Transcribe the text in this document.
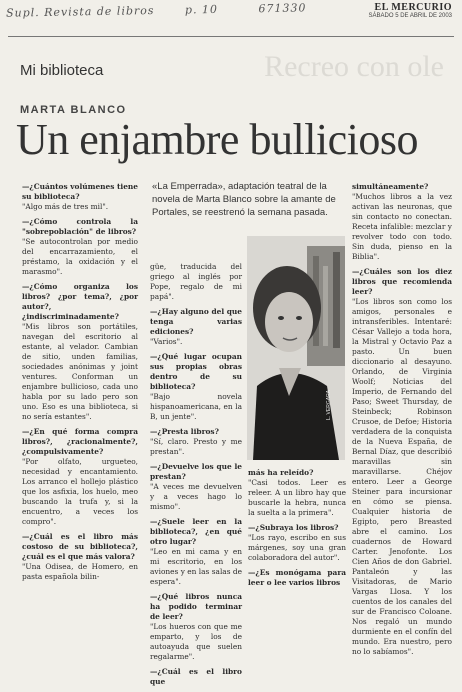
Supl. Revista de libros	p. 10	671330	EL MERCURIO
SÁBADO 5 DE ABRIL DE 2003
Recreo con ole
Mi biblioteca
MARTA BLANCO
Un enjambre bullicioso
«La Emperrada», adaptación teatral de la novela de Marta Blanco sobre la amante de Portales, se reestrenó la semana pasada.

—¿Cuántos volúmenes tiene su biblioteca?
"Algo más de tres mil".

—¿Cómo controla la "sobrepoblación" de libros?
"Se autocontrolan por medio del encarrazamiento, el préstamo, la oxidación y el marasmo".

—¿Cómo organiza los libros? ¿por tema?, ¿por autor?, ¿indiscriminadamente?
"Mis libros son portátiles, navegan del escritorio al estante, al velador. Cambian de sitio, unden familias, sociedades anónimas y joint ventures. Conforman un enjambre bullicioso, cada uno habla por su lado pero son uno. Eso es una biblioteca, si no sería estantes".

—¿En qué forma compra libros?, ¿racionalmente?, ¿compulsivamente?
"Por olfato, urgueteo, necesidad y encantamiento. Los arranco el hollejo plástico que los asfixia, los huelo, meo buscando la trufa y, si la encuentro, a veces los compro".

—¿Cuál es el libro más costoso de su biblioteca?, ¿cuál es el que más valora?
"Una Odisea, de Homero, en pasta española bilin-

güe, traducida del griego al inglés por Pope, regalo de mi papá".

—¿Hay alguno del que tenga varias ediciones?
"Varios".

—¿Qué lugar ocupan sus propias obras dentro de su biblioteca?
"Bajo novela hispanoamericana, en la B, un jente".

—¿Presta libros?
"Sí, claro. Presto y me prestan".

—¿Devuelve los que le prestan?
"A veces me devuelven y a veces hago lo mismo".

—¿Suele leer en la biblioteca?, ¿en qué otro lugar?
"Leo en mi cama y en mi escritorio, en los aviones y en las salas de espera".

—¿Qué libros nunca ha podido terminar de leer?
"Los hueros con que me emparto, y los de autoayuda que suelen regalarme".

—¿Cuál es el libro que

más ha releído?
"Casi todos. Leer es releer. A un libro hay que buscarle la hebra, nunca la suelta a la primera".

—¿Subraya los libros?
"Los rayo, escribo en sus márgenes, soy una gran colaboradora del autor".

—¿Es monógama para leer o lee varios libros

simultáneamente?
"Muchos libros a la vez activan las neuronas, que sin contacto no conectan. Receta infalible: mezclar y revolver todo con todo. Sin duda, pienso en la Biblia".

—¿Cuáles son los diez libros que recomienda leer?
"Los libros son como los amigos, personales e intransferibles. Intentaré: César Vallejo a toda hora, la Mistral y Octavio Paz a pasto. Un buen diccionario al desayuno. Orlando, de Virginia Woolf; Noticias del Imperio, de Fernando del Paso; Sweet Thursday, de Steinbeck; Robinson Crusoe, de Defoe; Historia verdadera de la conquista de la Nueva España, de Bernal Díaz, que describió maravillas sin maravillarse. Chéjov entero. Leer a George Steiner para incursionar en cómo se piensa. Cualquier historia de Egipto, pero Breasted abre el camino. Los cuadernos de Howard Carter. Jenofonte. Los Cien Años de don Gabriel. Pantaleón y las Visitadoras, de Mario Vargas Llosa. Y los cuentos de los canales del sur de Francisco Coloane. Nos regaló un mundo durmiente en el confín del mundo. Era nuestro, pero no lo sabíamos".

L. VERGARA
